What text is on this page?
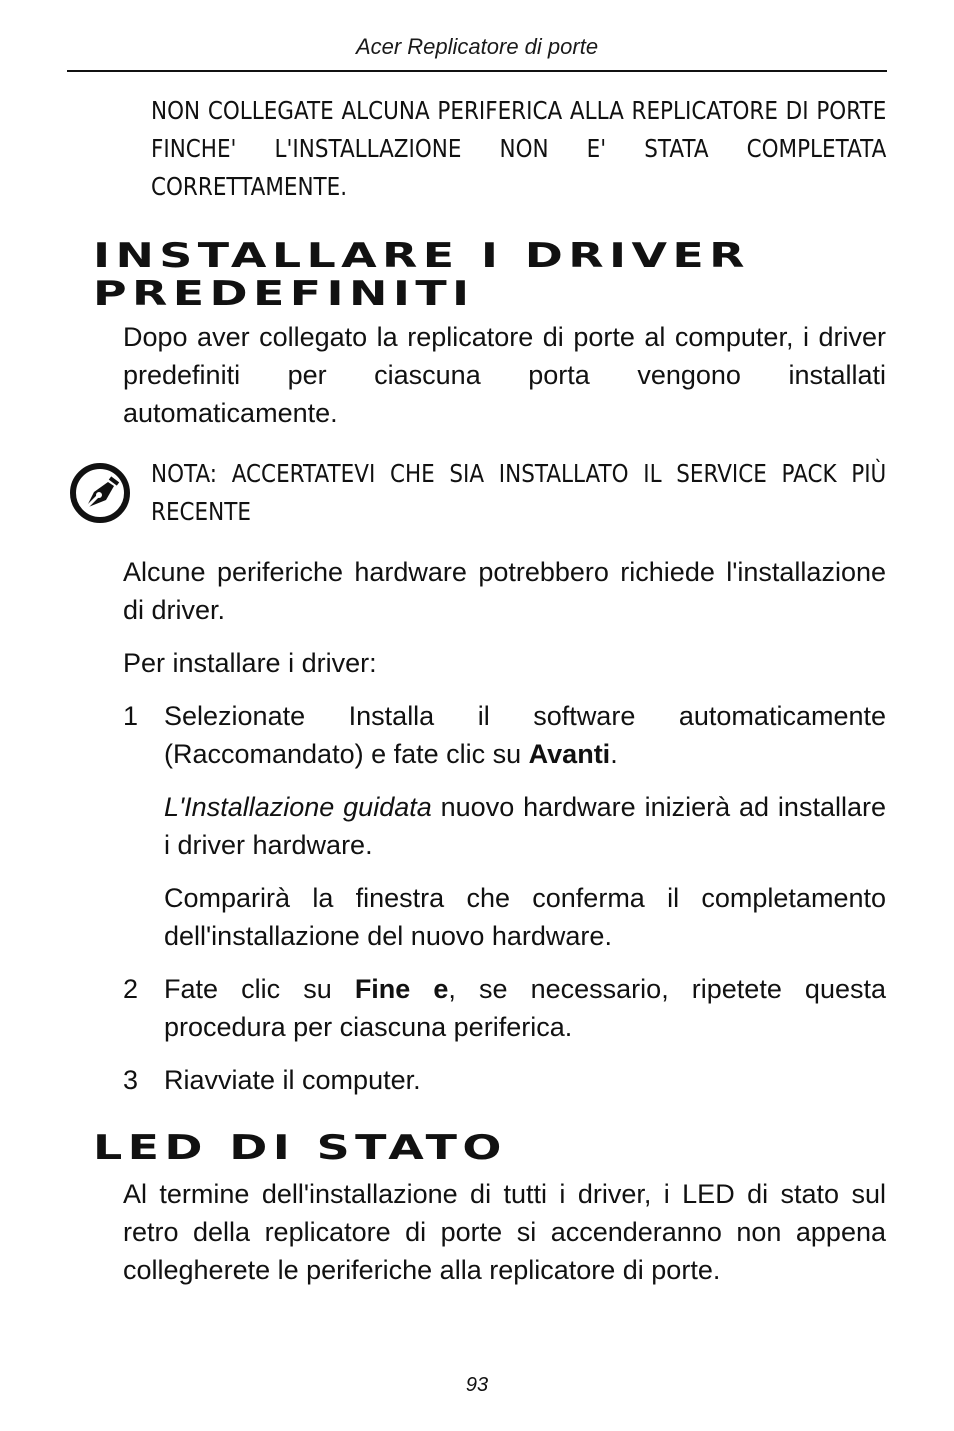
Acer Replicatore di porte
NON COLLEGATE ALCUNA PERIFERICA ALLA REPLICATORE DI PORTE FINCHE' L'INSTALLAZIONE NON E' STATA COMPLETATA CORRETTAMENTE.
INSTALLARE I DRIVER
PREDEFINITI
Dopo aver collegato la replicatore di porte al computer, i driver predefiniti per ciascuna porta vengono installati automaticamente.
NOTA: ACCERTATEVI CHE SIA INSTALLATO IL SERVICE PACK PIÙ RECENTE
Alcune periferiche hardware potrebbero richiede l'installazione di driver.
Per installare i driver:
1 Selezionate Installa il software automaticamente (Raccomandato) e fate clic su Avanti.
L'Installazione guidata nuovo hardware inizierà ad installare i driver hardware.
Comparirà la finestra che conferma il completamento dell'installazione del nuovo hardware.
2 Fate clic su Fine e, se necessario, ripetete questa procedura per ciascuna periferica.
3 Riavviate il computer.
LED DI STATO
Al termine dell'installazione di tutti i driver, i LED di stato sul retro della replicatore di porte si accenderanno non appena collegherete le periferiche alla replicatore di porte.
93
